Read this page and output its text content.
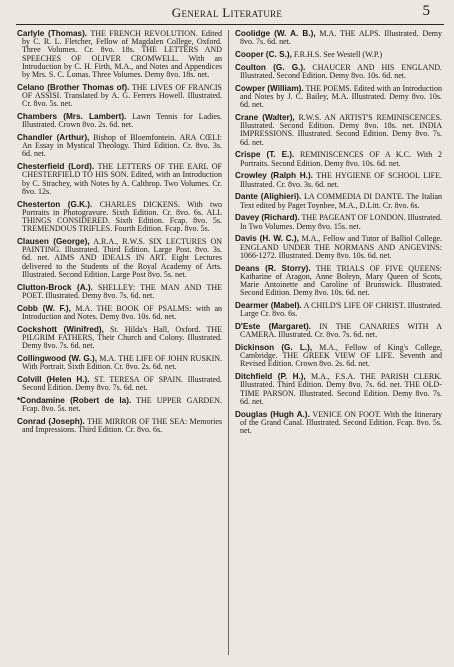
General Literature	5

Carlyle (Thomas). THE FRENCH REVOLUTION. Edited by C. R. L. Fletcher, Fellow of Magdalen College, Oxford. Three Volumes. Cr. 8vo. 18s. THE LETTERS AND SPEECHES OF OLIVER CROMWELL. With an Introduction by C. H. Firth, M.A., and Notes and Appendices by Mrs. S. C. Lomas. Three Volumes. Demy 8vo. 18s. net.

Celano (Brother Thomas of). THE LIVES OF FRANCIS OF ASSISI. Translated by A. G. Ferrers Howell. Illustrated. Cr. 8vo. 5s. net.

Chambers (Mrs. Lambert). Lawn Tennis for Ladies. Illustrated. Crown 8vo. 2s. 6d. net.

Chandler (Arthur), Bishop of Bloemfontein. ARA CŒLI: An Essay in Mystical Theology. Third Edition. Cr. 8vo. 3s. 6d. net.

Chesterfield (Lord). THE LETTERS OF THE EARL OF CHESTERFIELD TO HIS SON. Edited, with an Introduction by C. Strachey, with Notes by A. Calthrop. Two Volumes. Cr. 8vo. 12s.

Chesterton (G.K.). CHARLES DICKENS. With two Portraits in Photogravure. Sixth Edition. Cr. 8vo. 6s. ALL THINGS CONSIDERED. Sixth Edition. Fcap. 8vo. 5s. TREMENDOUS TRIFLES. Fourth Edition. Fcap. 8vo. 5s.

Clausen (George), A.R.A., R.W.S. SIX LECTURES ON PAINTING. Illustrated. Third Edition. Large Post. 8vo. 3s. 6d. net. AIMS AND IDEALS IN ART. Eight Lectures delivered to the Students of the Royal Academy of Arts. Illustrated. Second Edition. Large Post 8vo. 5s. net.

Clutton-Brock (A.). SHELLEY: THE MAN AND THE POET. Illustrated. Demy 8vo. 7s. 6d. net.

Cobb (W. F.), M.A. THE BOOK OF PSALMS: with an Introduction and Notes. Demy 8vo. 10s. 6d. net.

Cockshott (Winifred), St. Hilda's Hall, Oxford. THE PILGRIM FATHERS, Their Church and Colony. Illustrated. Demy 8vo. 7s. 6d. net.

Collingwood (W. G.), M.A. THE LIFE OF JOHN RUSKIN. With Portrait. Sixth Edition. Cr. 8vo. 2s. 6d. net.

Colvill (Helen H.). ST. TERESA OF SPAIN. Illustrated. Second Edition. Demy 8vo. 7s. 6d. net.

*Condamine (Robert de la). THE UPPER GARDEN. Fcap. 8vo. 5s. net.

Conrad (Joseph). THE MIRROR OF THE SEA: Memories and Impressions. Third Edition. Cr. 8vo. 6s.

Coolidge (W. A. B.), M.A. THE ALPS. Illustrated. Demy 8vo. 7s. 6d. net.

Cooper (C. S.), F.R.H.S. See Westell (W.P.)

Coulton (G. G.). CHAUCER AND HIS ENGLAND. Illustrated. Second Edition. Demy 8vo. 10s. 6d. net.

Cowper (William). THE POEMS. Edited with an Introduction and Notes by J. C. Bailey, M.A. Illustrated. Demy 8vo. 10s. 6d. net.

Crane (Walter), R.W.S. AN ARTIST'S REMINISCENCES. Illustrated. Second Edition. Demy 8vo. 18s. net. INDIA IMPRESSIONS. Illustrated. Second Edition. Demy 8vo. 7s. 6d. net.

Crispe (T. E.). REMINISCENCES OF A K.C. With 2 Portraits. Second Edition. Demy 8vo. 10s. 6d. net.

Crowley (Ralph H.). THE HYGIENE OF SCHOOL LIFE. Illustrated. Cr. 8vo. 3s. 6d. net.

Dante (Alighieri). LA COMMEDIA DI DANTE. The Italian Text edited by Paget Toynbee, M.A., D.Litt. Cr. 8vo. 6s.

Davey (Richard). THE PAGEANT OF LONDON. Illustrated. In Two Volumes. Demy 8vo. 15s. net.

Davis (H. W. C.), M.A., Fellow and Tutor of Balliol College. ENGLAND UNDER THE NORMANS AND ANGEVINS: 1066-1272. Illustrated. Demy 8vo. 10s. 6d. net.

Deans (R. Storry). THE TRIALS OF FIVE QUEENS: Katharine of Aragon, Anne Boleyn, Mary Queen of Scots, Marie Antoinette and Caroline of Brunswick. Illustrated. Second Edition. Demy 8vo. 10s. 6d. net.

Dearmer (Mabel). A CHILD'S LIFE OF CHRIST. Illustrated. Large Cr. 8vo. 6s.

D'Este (Margaret). IN THE CANARIES WITH A CAMERA. Illustrated. Cr. 8vo. 7s. 6d. net.

Dickinson (G. L.), M.A., Fellow of King's College, Cambridge. THE GREEK VIEW OF LIFE. Seventh and Revised Edition. Crown 8vo. 2s. 6d. net.

Ditchfield (P. H.), M.A., F.S.A. THE PARISH CLERK. Illustrated. Third Edition. Demy 8vo. 7s. 6d. net. THE OLD-TIME PARSON. Illustrated. Second Edition. Demy 8vo. 7s. 6d. net.

Douglas (Hugh A.). VENICE ON FOOT. With the Itinerary of the Grand Canal. Illustrated. Second Edition. Fcap. 8vo. 5s. net.
